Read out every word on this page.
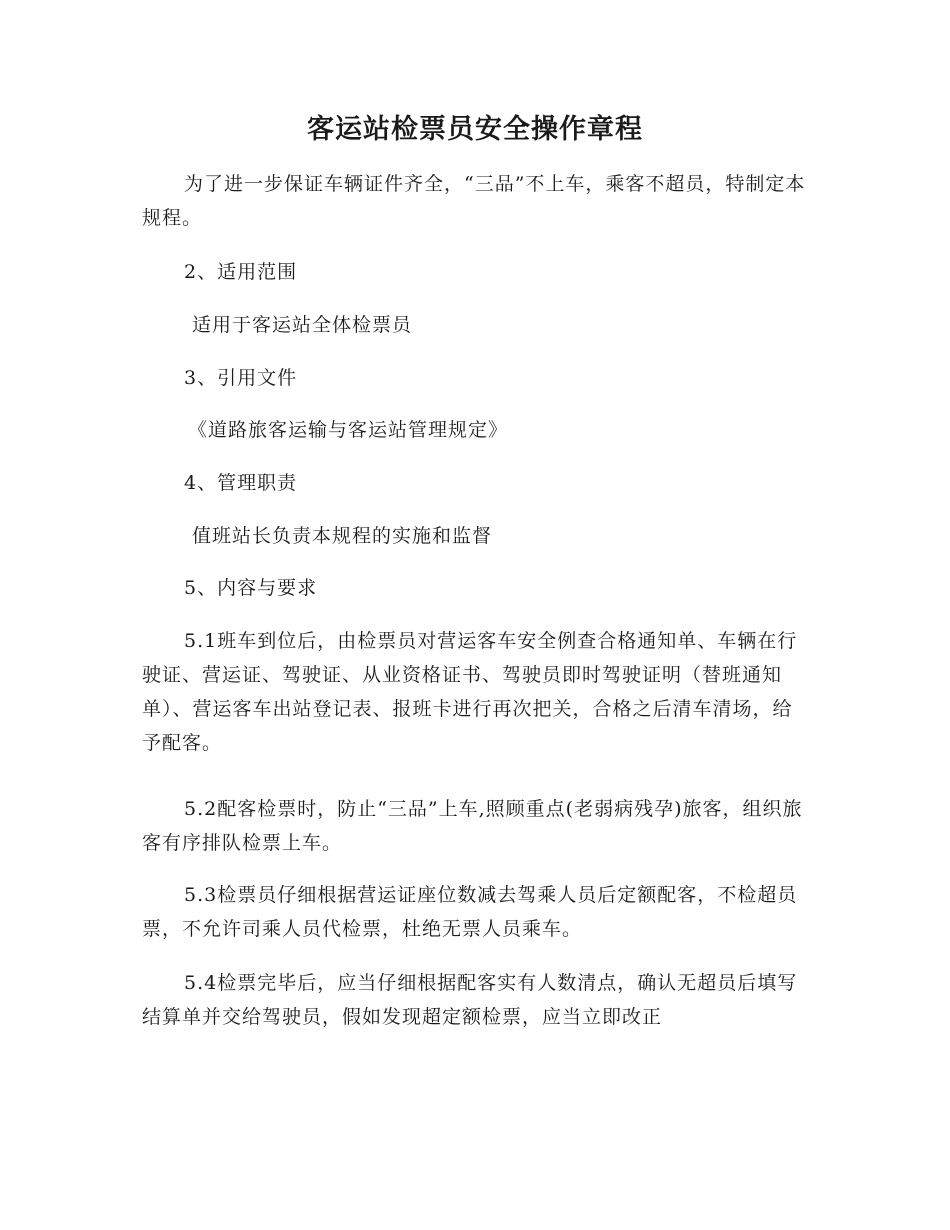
客运站检票员安全操作章程
为了进一步保证车辆证件齐全，“三品”不上车，乘客不超员，特制定本规程。
2、适用范围
适用于客运站全体检票员
3、引用文件
《道路旅客运输与客运站管理规定》
4、管理职责
值班站长负责本规程的实施和监督
5、内容与要求
5.1班车到位后，由检票员对营运客车安全例查合格通知单、车辆在行驶证、营运证、驾驶证、从业资格证书、驾驶员即时驾驶证明（替班通知单）、营运客车出站登记表、报班卡进行再次把关，合格之后清车清场，给予配客。
5.2配客检票时，防止“三品”上车,照顾重点(老弱病残孕)旅客，组织旅客有序排队检票上车。
5.3检票员仔细根据营运证座位数减去驾乘人员后定额配客，不检超员票，不允许司乘人员代检票，杜绝无票人员乘车。
5.4检票完毕后，应当仔细根据配客实有人数清点，确认无超员后填写结算单并交给驾驶员，假如发现超定额检票，应当立即改正
